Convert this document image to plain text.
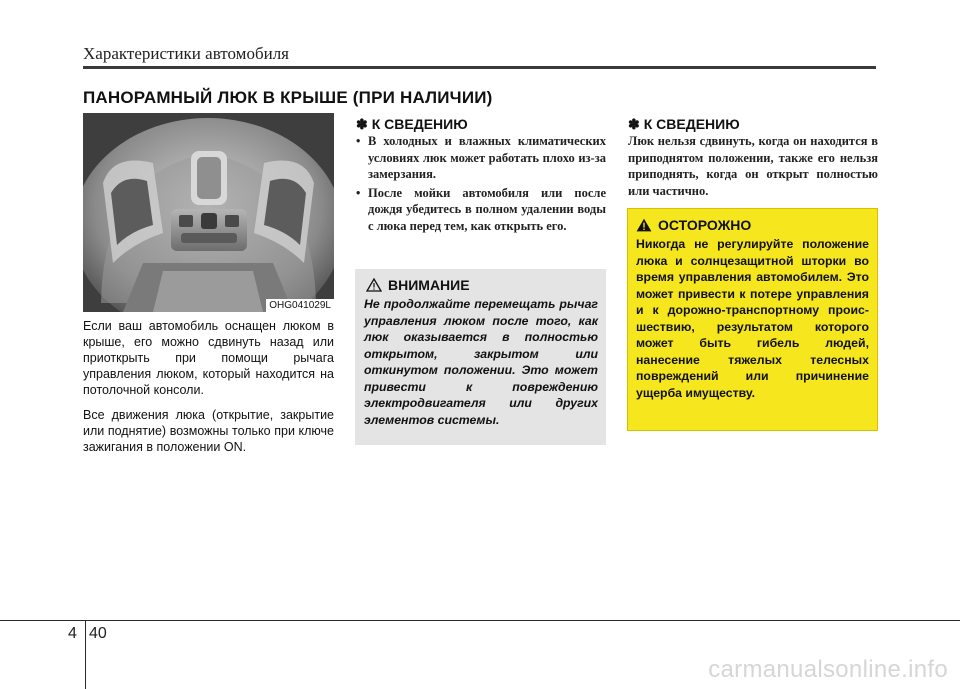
Характеристики автомобиля
ПАНОРАМНЫЙ ЛЮК В КРЫШЕ (ПРИ НАЛИЧИИ)
OHG041029L
Если ваш автомобиль оснащен люком в крыше, его можно сдвинуть назад или приоткрыть при помощи рычага управления люком, который находится на потолочной консоли.
Все движения люка (открытие, закрытие или поднятие) возможны только при ключе зажигания в положении ON.
✽ К СВЕДЕНИЮ
• В холодных и влажных климатических условиях люк может работать плохо из-за замерзания.
• После мойки автомобиля или после дождя убедитесь в полном удалении воды с люка перед тем, как открыть его.
ВНИМАНИЕ
Не продолжайте перемещать рычаг управления люком после того, как люк оказывается в полностью открытом, закрытом или откинутом положении. Это может привести к повреждению электродвигателя или других элементов системы.
✽ К СВЕДЕНИЮ
Люк нельзя сдвинуть, когда он находится в приподнятом положении, также его нельзя приподнять, когда он открыт полностью или частично.
ОСТОРОЖНО
Никогда не регулируйте положение люка и солнцезащитной шторки во время управления автомобилем. Это может привести к потере управления и к дорожно-транспортному проис-шествию, результатом которого может быть гибель людей, нанесение тяжелых телесных повреждений или причинение ущерба имуществу.
4 40
carmanualsonline.info
